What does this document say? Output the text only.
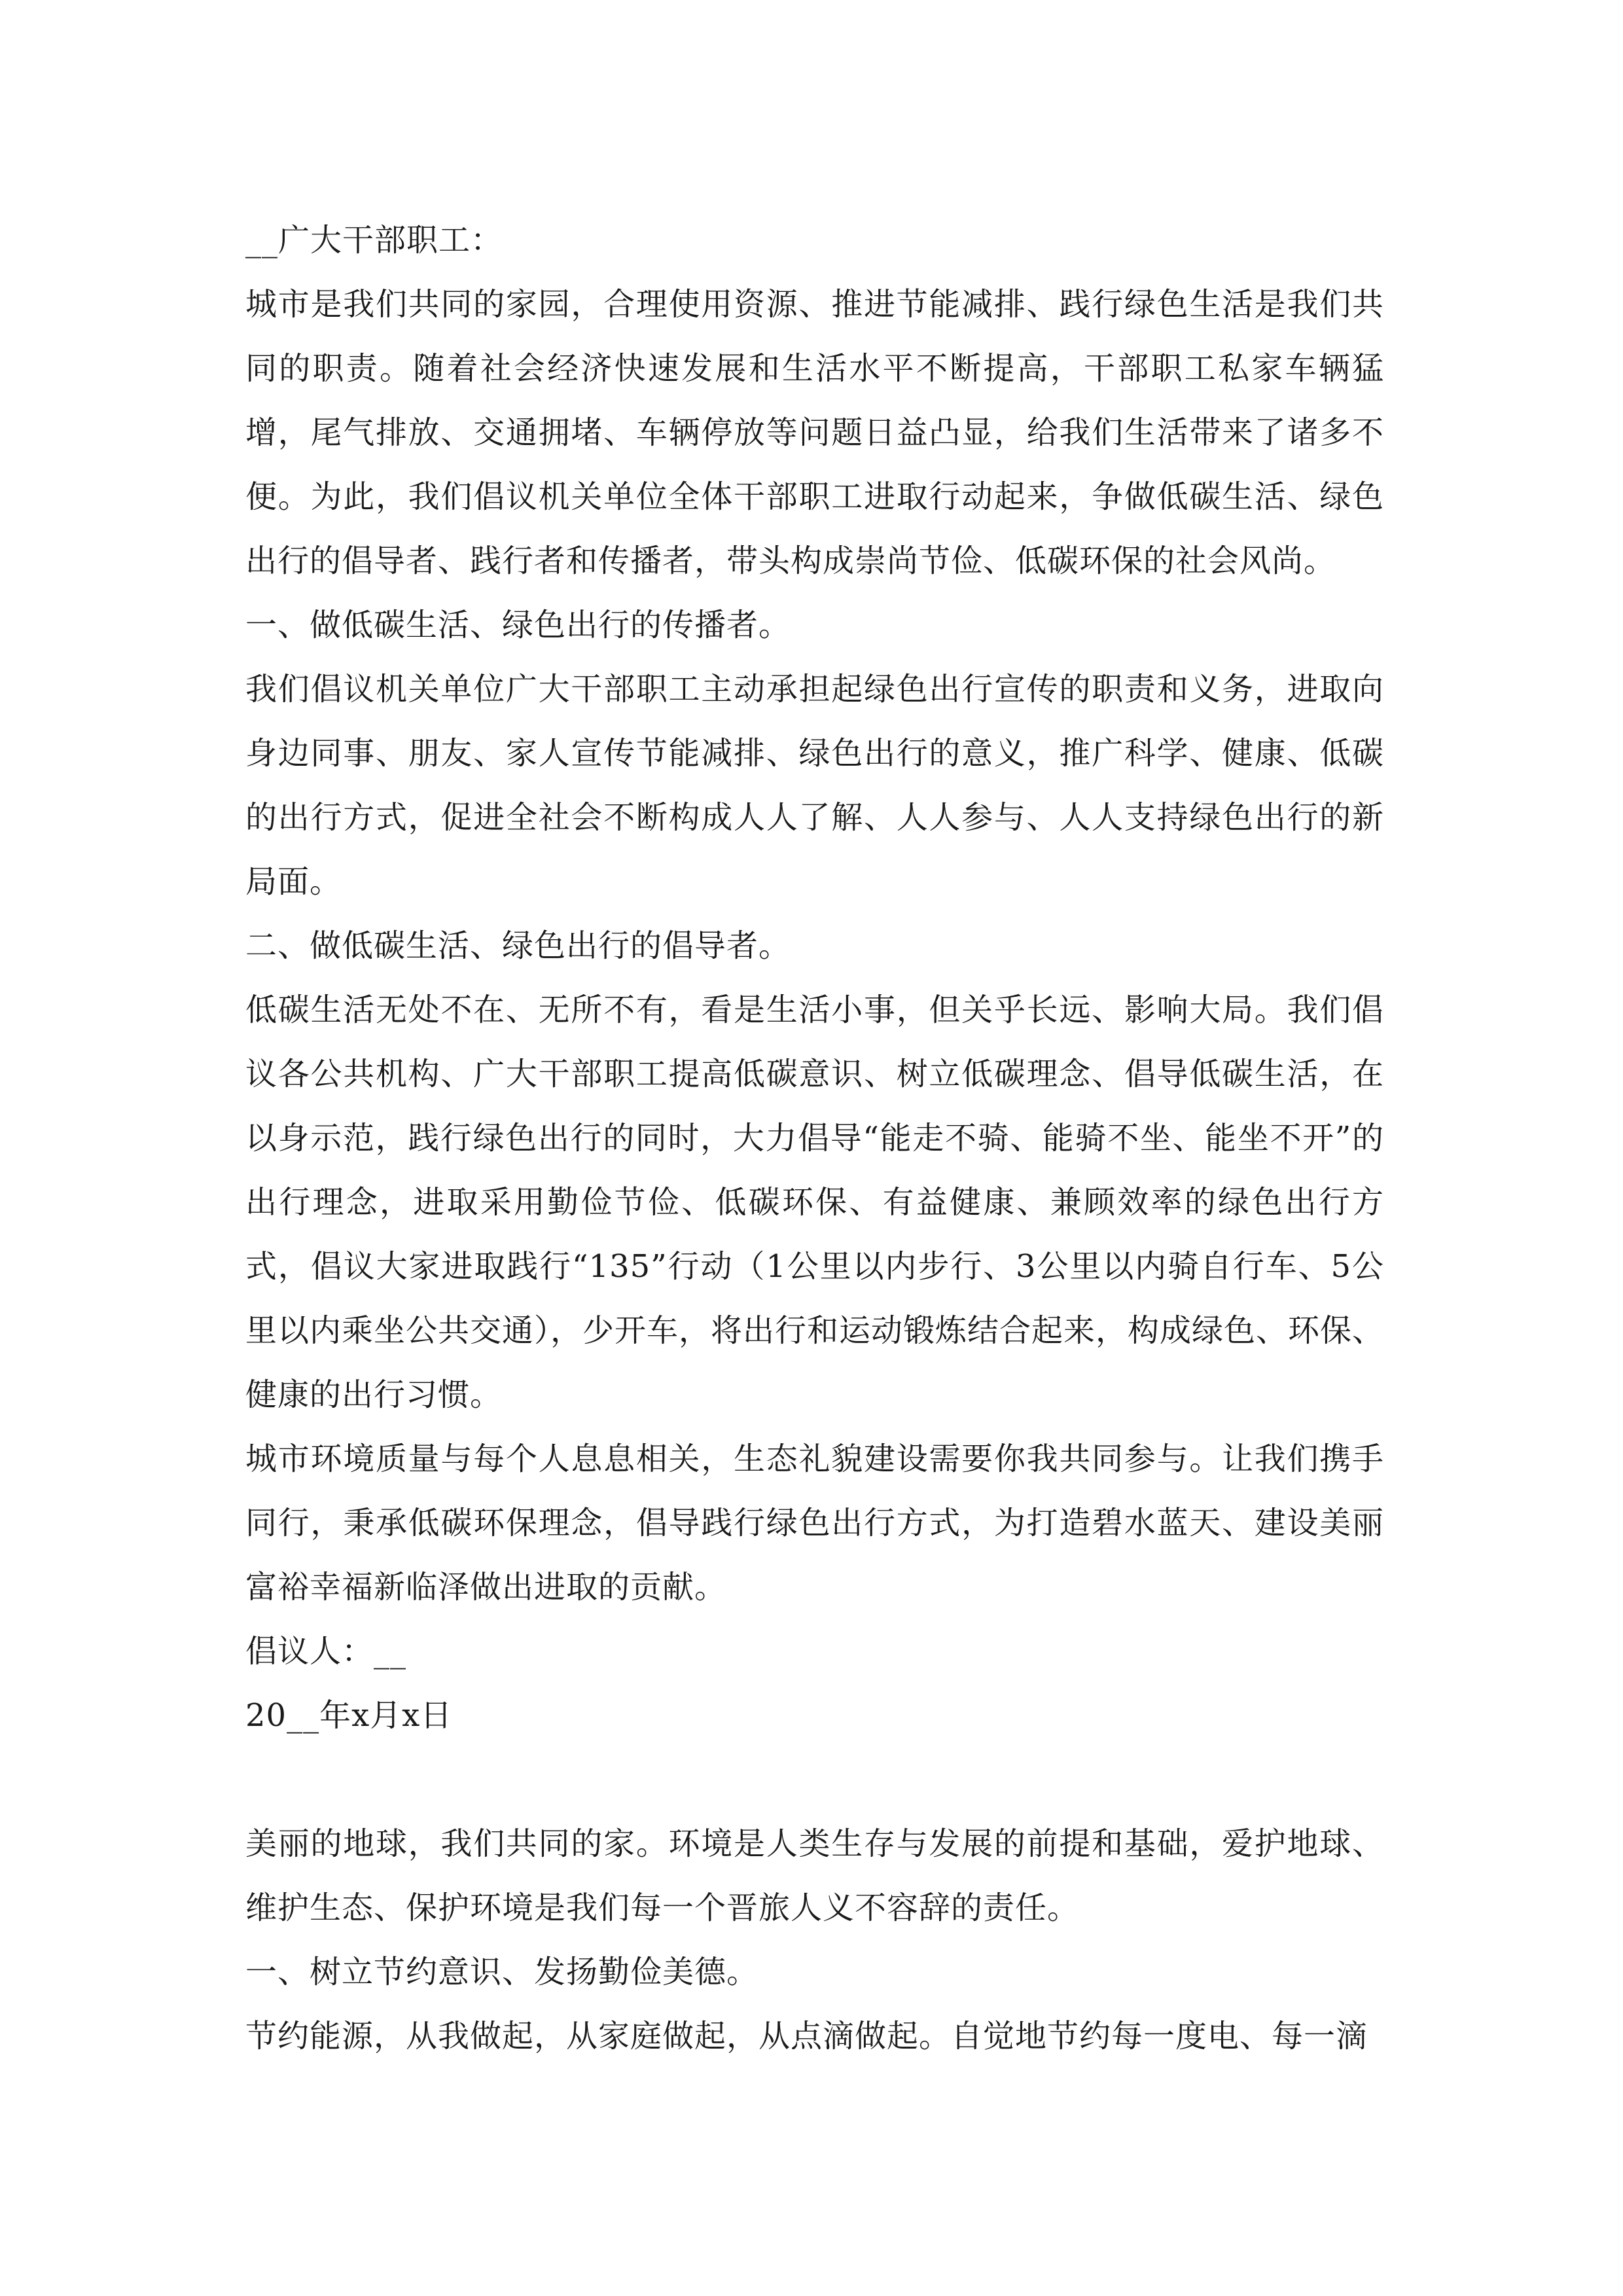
__广大干部职工：

城市是我们共同的家园，合理使用资源、推进节能减排、践行绿色生活是我们共同的职责。随着社会经济快速发展和生活水平不断提高，干部职工私家车辆猛增，尾气排放、交通拥堵、车辆停放等问题日益凸显，给我们生活带来了诸多不便。为此，我们倡议机关单位全体干部职工进取行动起来，争做低碳生活、绿色出行的倡导者、践行者和传播者，带头构成崇尚节俭、低碳环保的社会风尚。

一、做低碳生活、绿色出行的传播者。

我们倡议机关单位广大干部职工主动承担起绿色出行宣传的职责和义务，进取向身边同事、朋友、家人宣传节能减排、绿色出行的意义，推广科学、健康、低碳的出行方式，促进全社会不断构成人人了解、人人参与、人人支持绿色出行的新局面。

二、做低碳生活、绿色出行的倡导者。

低碳生活无处不在、无所不有，看是生活小事，但关乎长远、影响大局。我们倡议各公共机构、广大干部职工提高低碳意识、树立低碳理念、倡导低碳生活，在以身示范，践行绿色出行的同时，大力倡导“能走不骑、能骑不坐、能坐不开”的出行理念，进取采用勤俭节俭、低碳环保、有益健康、兼顾效率的绿色出行方式，倡议大家进取践行“135”行动（1公里以内步行、3公里以内骑自行车、5公里以内乘坐公共交通），少开车，将出行和运动锻炼结合起来，构成绿色、环保、健康的出行习惯。

城市环境质量与每个人息息相关，生态礼貌建设需要你我共同参与。让我们携手同行，秉承低碳环保理念，倡导践行绿色出行方式，为打造碧水蓝天、建设美丽富裕幸福新临泽做出进取的贡献。

倡议人：__

20__年x月x日

美丽的地球，我们共同的家。环境是人类生存与发展的前提和基础，爱护地球、维护生态、保护环境是我们每一个晋旅人义不容辞的责任。

一、树立节约意识、发扬勤俭美德。

节约能源，从我做起，从家庭做起，从点滴做起。自觉地节约每一度电、每一滴
